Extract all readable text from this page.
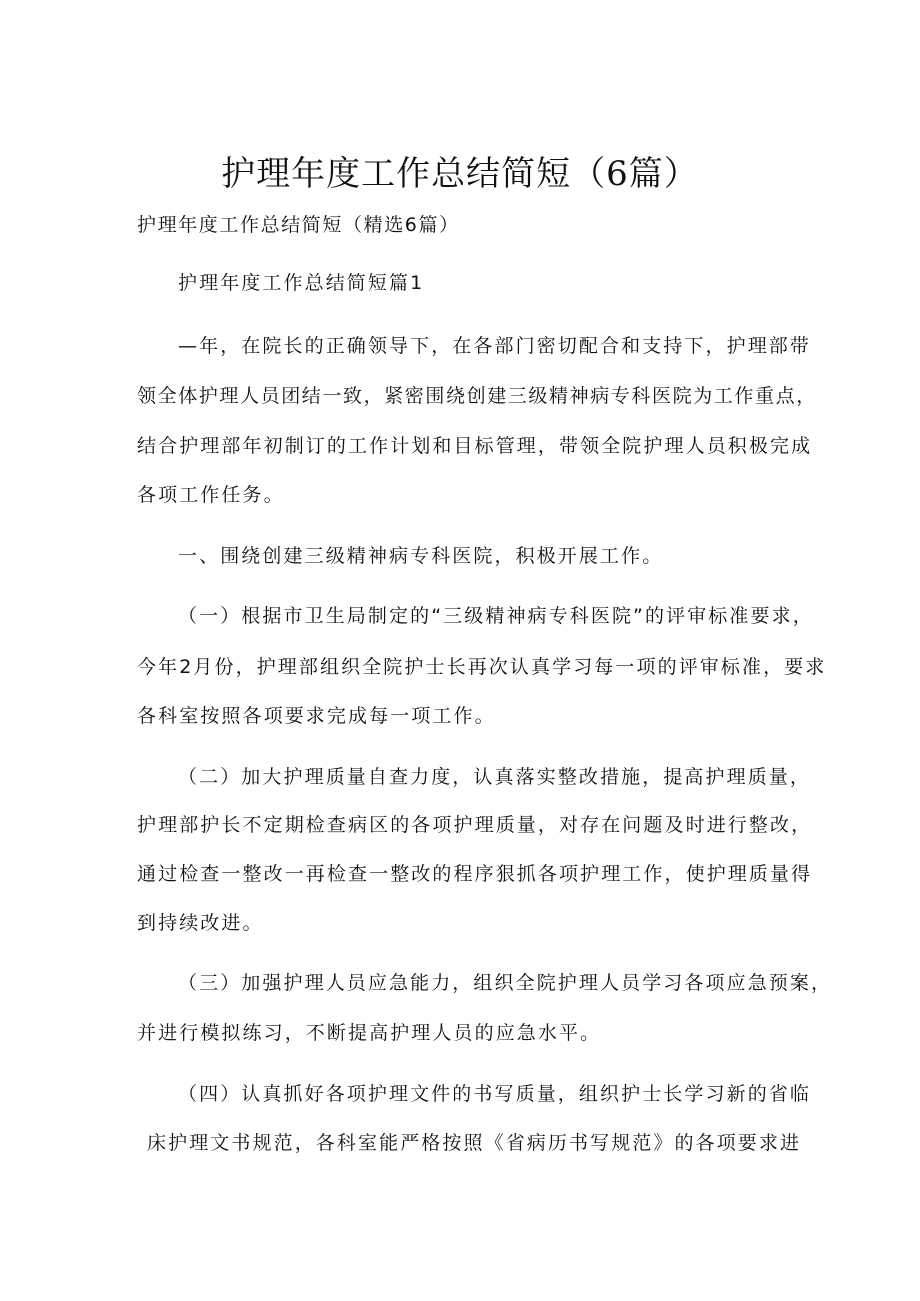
护理年度工作总结简短（6篇）
护理年度工作总结简短（精选6篇）
护理年度工作总结简短篇1
—年，在院长的正确领导下，在各部门密切配合和支持下，护理部带
领全体护理人员团结一致，紧密围绕创建三级精神病专科医院为工作重点，
结合护理部年初制订的工作计划和目标管理，带领全院护理人员积极完成
各项工作任务。
一、围绕创建三级精神病专科医院，积极开展工作。
（一）根据市卫生局制定的“三级精神病专科医院”的评审标准要求，
今年2月份，护理部组织全院护士长再次认真学习每一项的评审标准，要求
各科室按照各项要求完成每一项工作。
（二）加大护理质量自查力度，认真落实整改措施，提高护理质量，
护理部护长不定期检查病区的各项护理质量，对存在问题及时进行整改，
通过检查一整改一再检查一整改的程序狠抓各项护理工作，使护理质量得
到持续改进。
（三）加强护理人员应急能力，组织全院护理人员学习各项应急预案，
并进行模拟练习，不断提高护理人员的应急水平。
（四）认真抓好各项护理文件的书写质量，组织护士长学习新的省临
床护理文书规范，各科室能严格按照《省病历书写规范》的各项要求进
